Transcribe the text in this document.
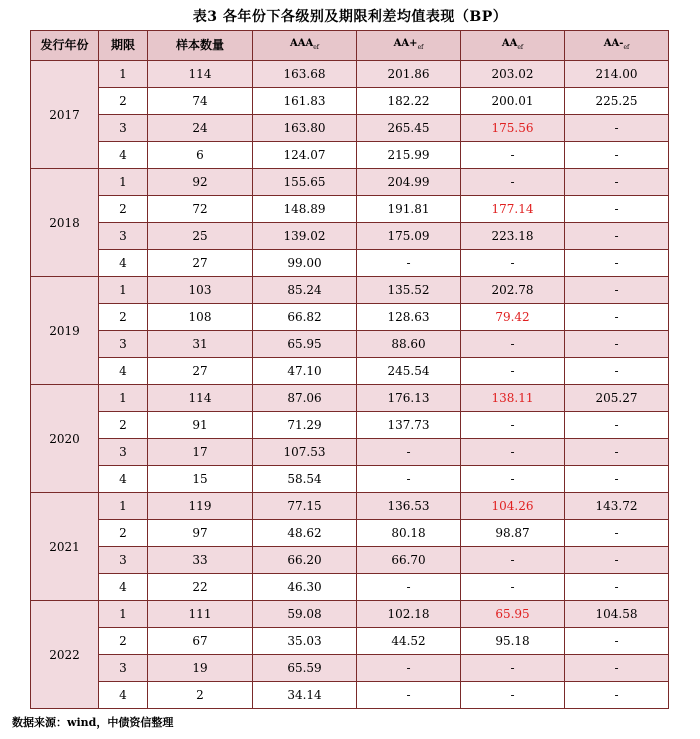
表3 各年份下各级别及期限利差均值表现（BP）
发行年份	期限	样本数量	$AAA_{ef}$	$AA+_{ef}$	$AA_{ef}$	$AA-_{ef}$
2017	1	114	163.68	201.86	203.02	214.00
	2	74	161.83	182.22	200.01	225.25
	3	24	163.80	265.45	175.56	-
	4	6	124.07	215.99	-	-
2018	1	92	155.65	204.99	-	-
	2	72	148.89	191.81	177.14	-
	3	25	139.02	175.09	223.18	-
	4	27	99.00	-	-	-
2019	1	103	85.24	135.52	202.78	-
	2	108	66.82	128.63	79.42	-
	3	31	65.95	88.60	-	-
	4	27	47.10	245.54	-	-
2020	1	114	87.06	176.13	138.11	205.27
	2	91	71.29	137.73	-	-
	3	17	107.53	-	-	-
	4	15	58.54	-	-	-
2021	1	119	77.15	136.53	104.26	143.72
	2	97	48.62	80.18	98.87	-
	3	33	66.20	66.70	-	-
	4	22	46.30	-	-	-
2022	1	111	59.08	102.18	65.95	104.58
	2	67	35.03	44.52	95.18	-
	3	19	65.59	-	-	-
	4	2	34.14	-	-	-
数据来源：wind，中债资信整理
